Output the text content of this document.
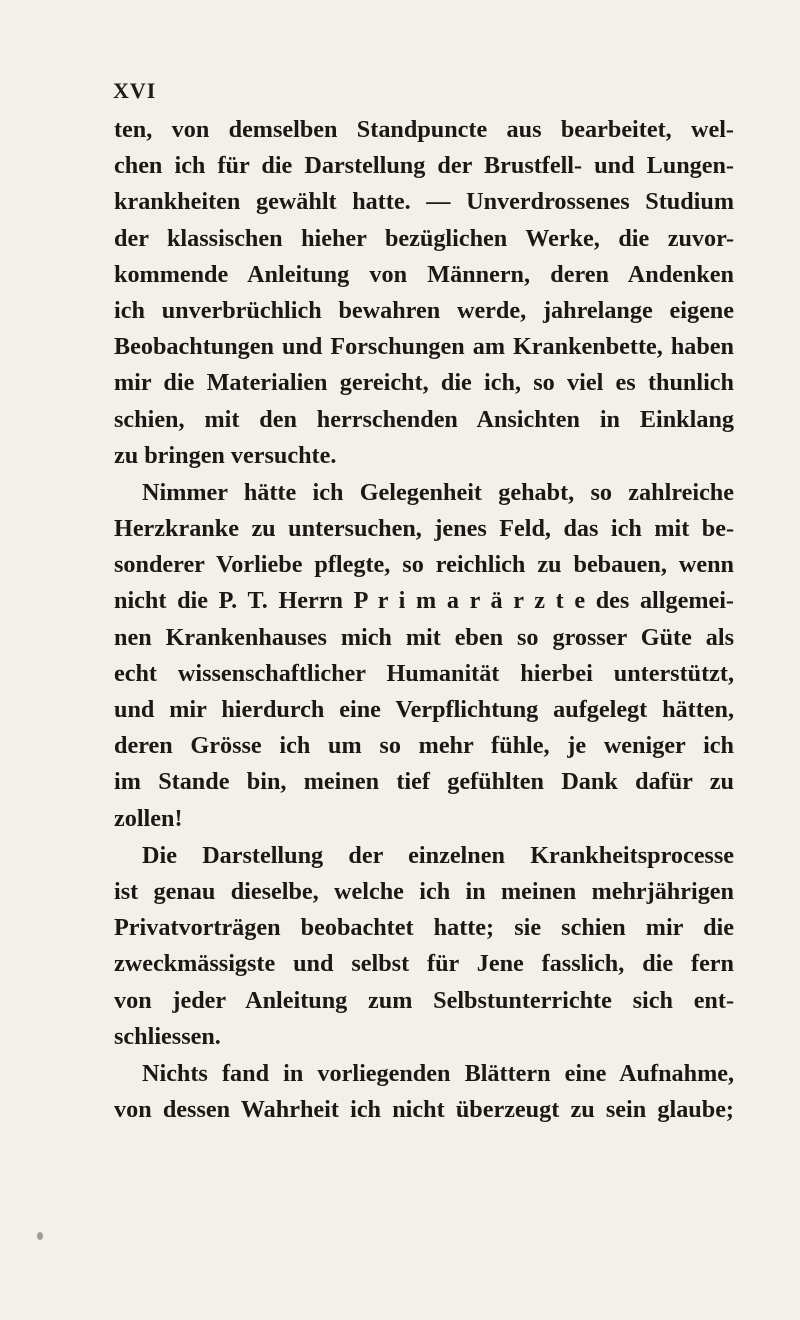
XVI
ten, von demselben Standpuncte aus bearbeitet, wel-
chen ich für die Darstellung der Brustfell- und Lungen-
krankheiten gewählt hatte. — Unverdrossenes Studium
der klassischen hieher bezüglichen Werke, die zuvor-
kommende Anleitung von Männern, deren Andenken
ich unverbrüchlich bewahren werde, jahrelange eigene
Beobachtungen und Forschungen am Krankenbette, haben
mir die Materialien gereicht, die ich, so viel es thunlich
schien, mit den herrschenden Ansichten in Einklang
zu bringen versuchte.
Nimmer hätte ich Gelegenheit gehabt, so zahlreiche
Herzkranke zu untersuchen, jenes Feld, das ich mit be-
sonderer Vorliebe pflegte, so reichlich zu bebauen, wenn
nicht die P. T. Herrn P r i m a r ä r z t e des allgemei-
nen Krankenhauses mich mit eben so grosser Güte als
echt wissenschaftlicher Humanität hierbei unterstützt,
und mir hierdurch eine Verpflichtung aufgelegt hätten,
deren Grösse ich um so mehr fühle, je weniger ich
im Stande bin, meinen tief gefühlten Dank dafür zu
zollen!
Die Darstellung der einzelnen Krankheitsprocesse
ist genau dieselbe, welche ich in meinen mehrjährigen
Privatvorträgen beobachtet hatte; sie schien mir die
zweckmässigste und selbst für Jene fasslich, die fern
von jeder Anleitung zum Selbstunterrichte sich ent-
schliessen.
Nichts fand in vorliegenden Blättern eine Aufnahme,
von dessen Wahrheit ich nicht überzeugt zu sein glaube;
